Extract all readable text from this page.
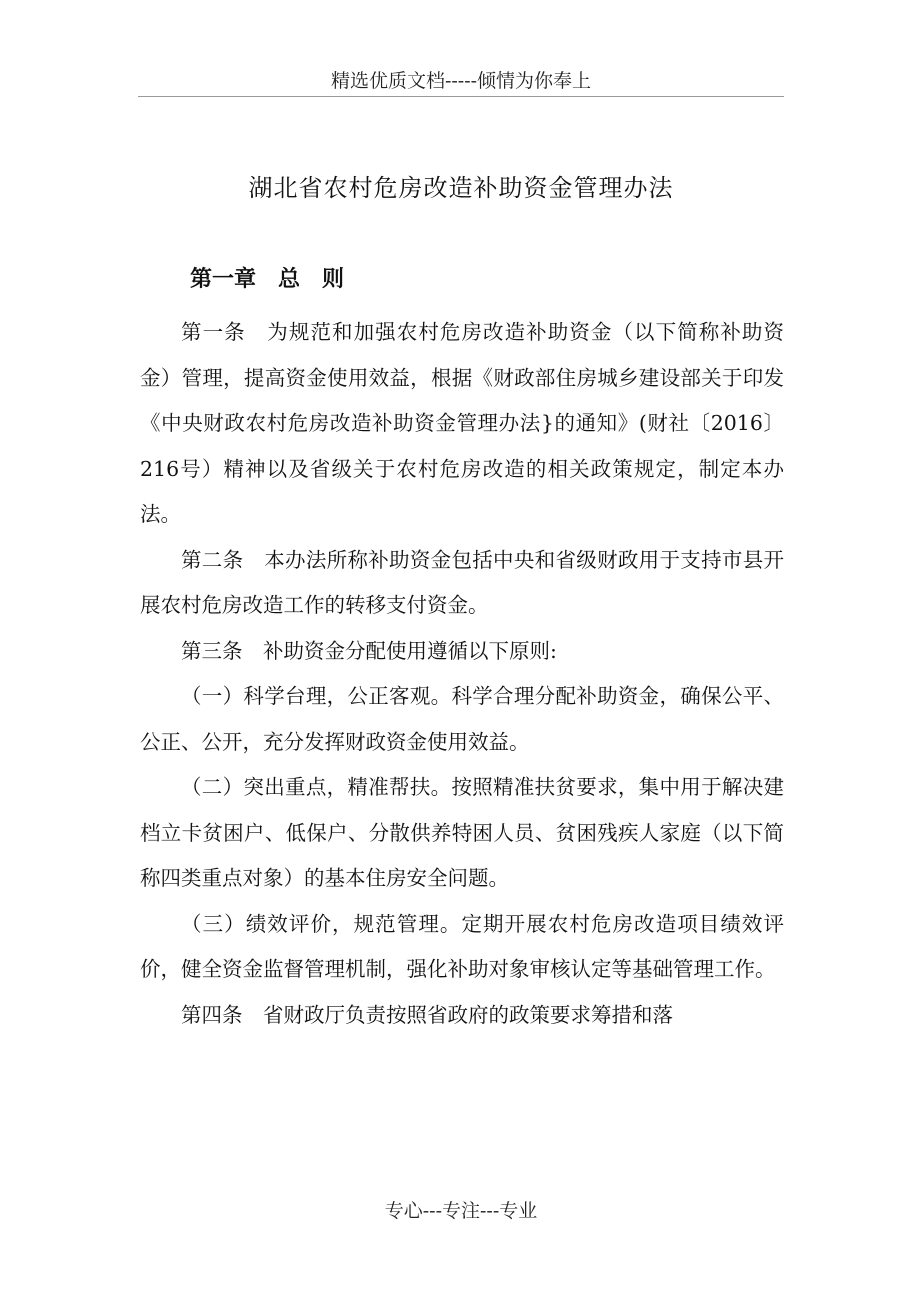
精选优质文档-----倾情为你奉上
湖北省农村危房改造补助资金管理办法
第一章　总　则

第一条　为规范和加强农村危房改造补助资金（以下简称补助资金）管理，提高资金使用效益，根据《财政部住房城乡建设部关于印发《中央财政农村危房改造补助资金管理办法}的通知》(财社〔2016〕216号）精神以及省级关于农村危房改造的相关政策规定，制定本办法。

第二条　本办法所称补助资金包括中央和省级财政用于支持市县开展农村危房改造工作的转移支付资金。

第三条　补助资金分配使用遵循以下原则:

（一）科学台理，公正客观。科学合理分配补助资金，确保公平、公正、公开，充分发挥财政资金使用效益。

（二）突出重点，精准帮扶。按照精准扶贫要求，集中用于解决建档立卡贫困户、低保户、分散供养特困人员、贫困残疾人家庭（以下简称四类重点对象）的基本住房安全问题。

（三）绩效评价，规范管理。定期开展农村危房改造项目绩效评价，健全资金监督管理机制，强化补助对象审核认定等基础管理工作。

第四条　省财政厅负责按照省政府的政策要求筹措和落

专心---专注---专业
